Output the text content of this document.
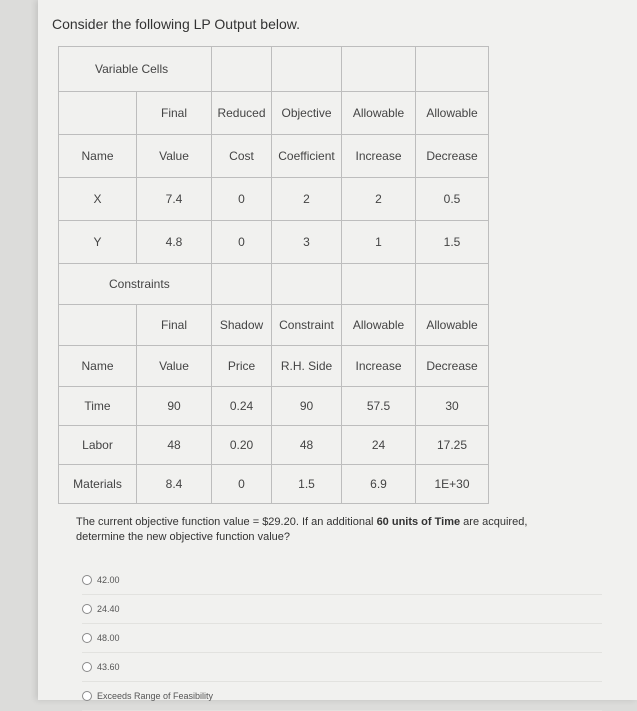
Consider the following LP Output below.
Variable Cells					
	Final	Reduced	Objective	Allowable	Allowable
Name	Value	Cost	Coefficient	Increase	Decrease
X	7.4	0	2	2	0.5
Y	4.8	0	3	1	1.5
Constraints					
	Final	Shadow	Constraint	Allowable	Allowable
Name	Value	Price	R.H. Side	Increase	Decrease
Time	90	0.24	90	57.5	30
Labor	48	0.20	48	24	17.25
Materials	8.4	0	1.5	6.9	1E+30
The current objective function value = $29.20. If an additional 60 units of Time are acquired, determine the new objective function value?
42.00
24.40
48.00
43.60
Exceeds Range of Feasibility
